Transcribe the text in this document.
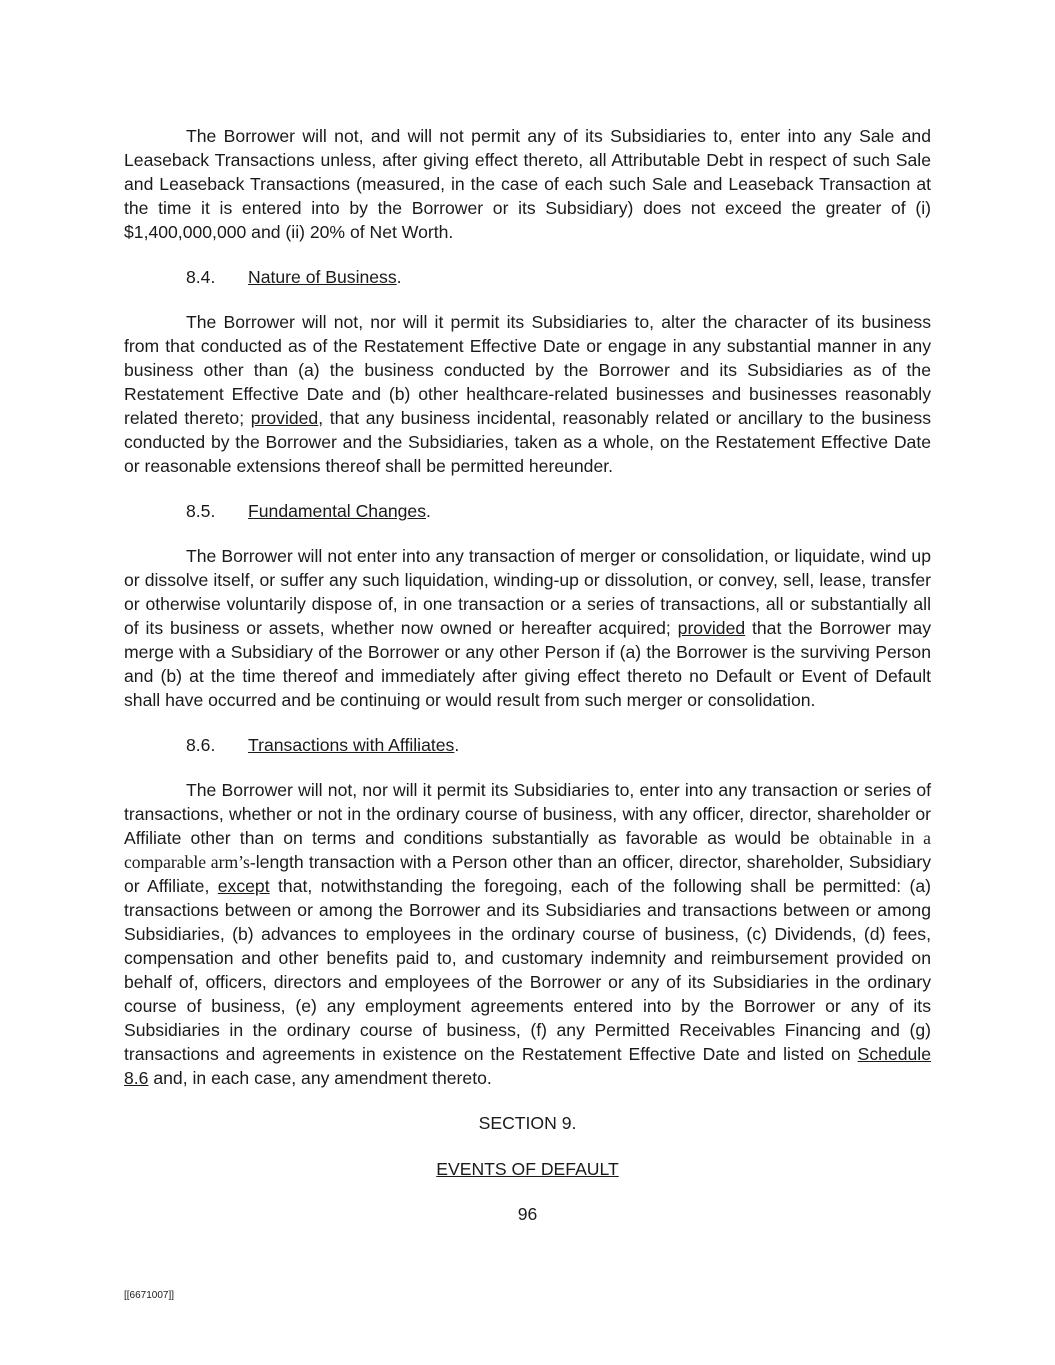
The Borrower will not, and will not permit any of its Subsidiaries to, enter into any Sale and Leaseback Transactions unless, after giving effect thereto, all Attributable Debt in respect of such Sale and Leaseback Transactions (measured, in the case of each such Sale and Leaseback Transaction at the time it is entered into by the Borrower or its Subsidiary) does not exceed the greater of (i) $1,400,000,000 and (ii) 20% of Net Worth.

8.4. Nature of Business.

The Borrower will not, nor will it permit its Subsidiaries to, alter the character of its business from that conducted as of the Restatement Effective Date or engage in any substantial manner in any business other than (a) the business conducted by the Borrower and its Subsidiaries as of the Restatement Effective Date and (b) other healthcare-related businesses and businesses reasonably related thereto; provided, that any business incidental, reasonably related or ancillary to the business conducted by the Borrower and the Subsidiaries, taken as a whole, on the Restatement Effective Date or reasonable extensions thereof shall be permitted hereunder.

8.5. Fundamental Changes.

The Borrower will not enter into any transaction of merger or consolidation, or liquidate, wind up or dissolve itself, or suffer any such liquidation, winding-up or dissolution, or convey, sell, lease, transfer or otherwise voluntarily dispose of, in one transaction or a series of transactions, all or substantially all of its business or assets, whether now owned or hereafter acquired; provided that the Borrower may merge with a Subsidiary of the Borrower or any other Person if (a) the Borrower is the surviving Person and (b) at the time thereof and immediately after giving effect thereto no Default or Event of Default shall have occurred and be continuing or would result from such merger or consolidation.

8.6. Transactions with Affiliates.

The Borrower will not, nor will it permit its Subsidiaries to, enter into any transaction or series of transactions, whether or not in the ordinary course of business, with any officer, director, shareholder or Affiliate other than on terms and conditions substantially as favorable as would be obtainable in a comparable arm’s-length transaction with a Person other than an officer, director, shareholder, Subsidiary or Affiliate, except that, notwithstanding the foregoing, each of the following shall be permitted: (a) transactions between or among the Borrower and its Subsidiaries and transactions between or among Subsidiaries, (b) advances to employees in the ordinary course of business, (c) Dividends, (d) fees, compensation and other benefits paid to, and customary indemnity and reimbursement provided on behalf of, officers, directors and employees of the Borrower or any of its Subsidiaries in the ordinary course of business, (e) any employment agreements entered into by the Borrower or any of its Subsidiaries in the ordinary course of business, (f) any Permitted Receivables Financing and (g) transactions and agreements in existence on the Restatement Effective Date and listed on Schedule 8.6 and, in each case, any amendment thereto.

SECTION 9.

EVENTS OF DEFAULT

96

[[6671007]]
